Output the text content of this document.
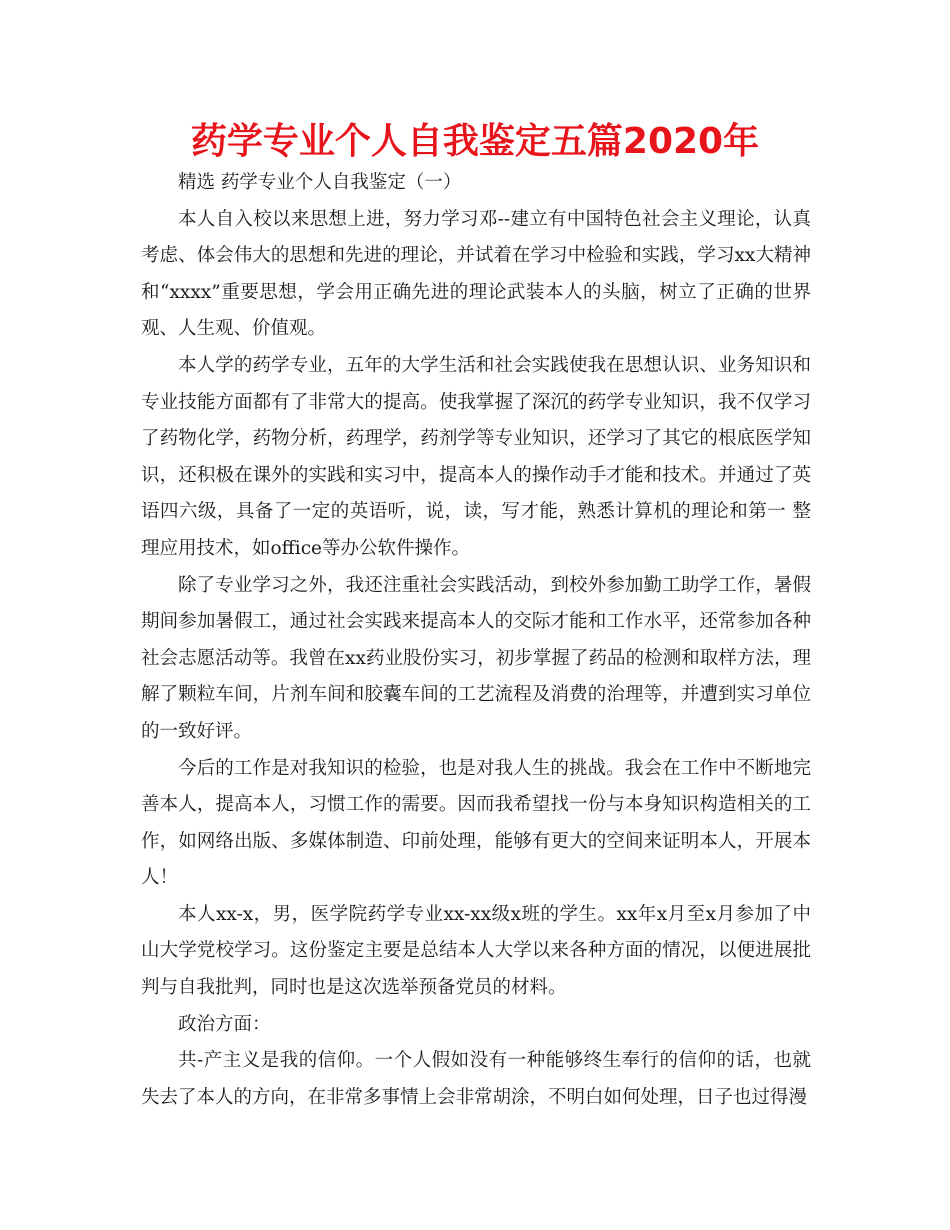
药学专业个人自我鉴定五篇2020年

精选 药学专业个人自我鉴定（一）

本人自入校以来思想上进，努力学习邓--建立有中国特色社会主义理论，认真考虑、体会伟大的思想和先进的理论，并试着在学习中检验和实践，学习xx大精神和“xxxx”重要思想，学会用正确先进的理论武装本人的头脑，树立了正确的世界观、人生观、价值观。

本人学的药学专业，五年的大学生活和社会实践使我在思想认识、业务知识和专业技能方面都有了非常大的提高。使我掌握了深沉的药学专业知识，我不仅学习了药物化学，药物分析，药理学，药剂学等专业知识，还学习了其它的根底医学知识，还积极在课外的实践和实习中，提高本人的操作动手才能和技术。并通过了英语四六级，具备了一定的英语听，说，读，写才能，熟悉计算机的理论和第一 整理应用技术，如office等办公软件操作。

除了专业学习之外，我还注重社会实践活动，到校外参加勤工助学工作，暑假期间参加暑假工，通过社会实践来提高本人的交际才能和工作水平，还常参加各种社会志愿活动等。我曾在xx药业股份实习，初步掌握了药品的检测和取样方法，理解了颗粒车间，片剂车间和胶囊车间的工艺流程及消费的治理等，并遭到实习单位的一致好评。

今后的工作是对我知识的检验，也是对我人生的挑战。我会在工作中不断地完善本人，提高本人，习惯工作的需要。因而我希望找一份与本身知识构造相关的工作，如网络出版、多媒体制造、印前处理，能够有更大的空间来证明本人，开展本人！

本人xx-x，男，医学院药学专业xx-xx级x班的学生。xx年x月至x月参加了中山大学党校学习。这份鉴定主要是总结本人大学以来各种方面的情况，以便进展批判与自我批判，同时也是这次选举预备党员的材料。

政治方面：

共-产主义是我的信仰。一个人假如没有一种能够终生奉行的信仰的话，也就失去了本人的方向，在非常多事情上会非常胡涂，不明白如何处理，日子也过得漫
